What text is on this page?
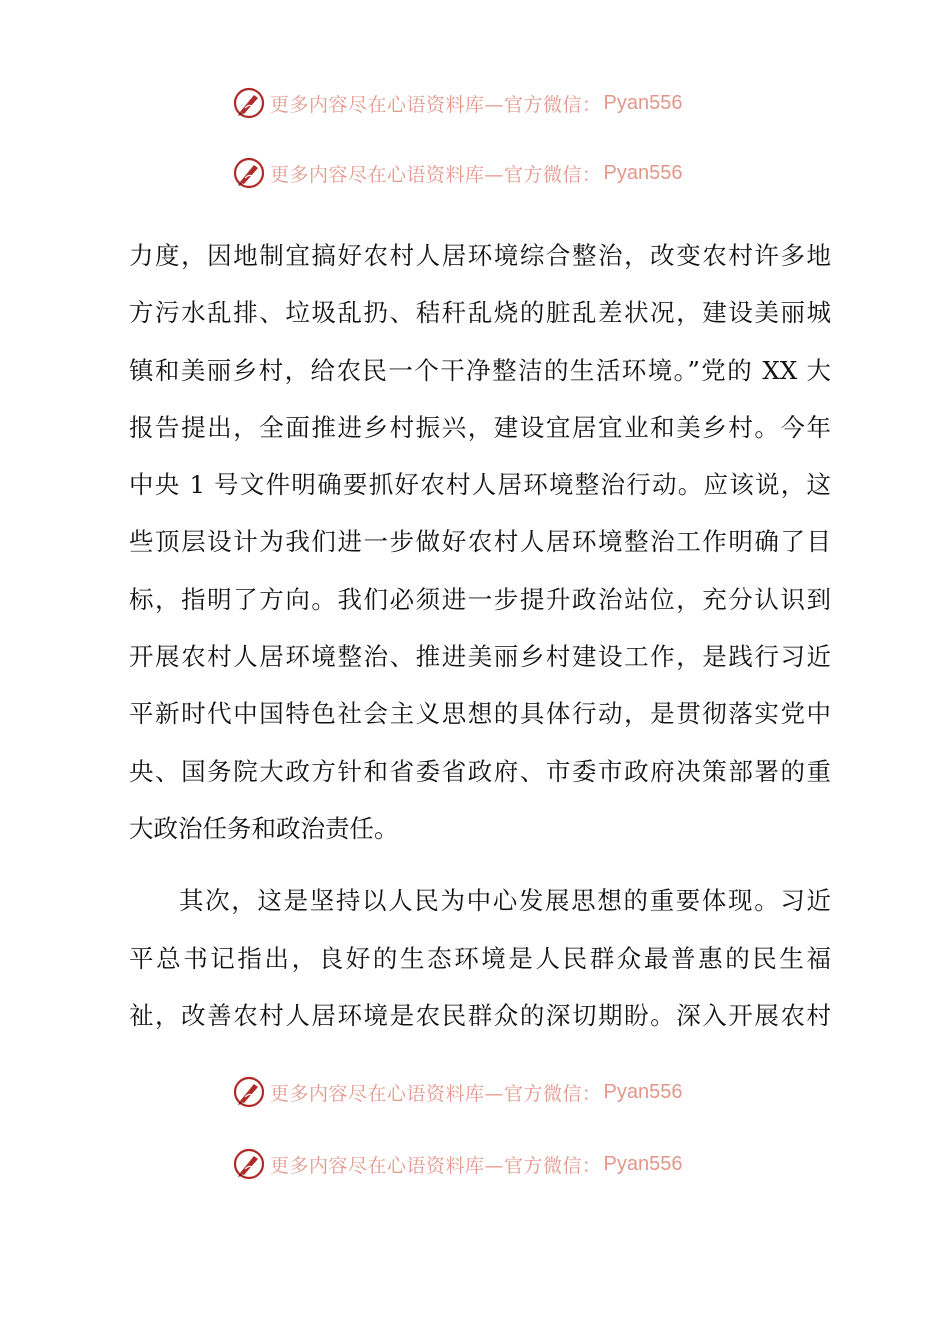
更多内容尽在心语资料库—官方微信： Pyan556
更多内容尽在心语资料库—官方微信： Pyan556
力度，因地制宜搞好农村人居环境综合整治，改变农村许多地
方污水乱排、垃圾乱扔、秸秆乱烧的脏乱差状况，建设美丽城
镇和美丽乡村，给农民一个干净整洁的生活环境。”党的 XX 大
报告提出，全面推进乡村振兴，建设宜居宜业和美乡村。今年
中央 1 号文件明确要抓好农村人居环境整治行动。应该说，这
些顶层设计为我们进一步做好农村人居环境整治工作明确了目
标，指明了方向。我们必须进一步提升政治站位，充分认识到
开展农村人居环境整治、推进美丽乡村建设工作，是践行习近
平新时代中国特色社会主义思想的具体行动，是贯彻落实党中
央、国务院大政方针和省委省政府、市委市政府决策部署的重
大政治任务和政治责任。
其次，这是坚持以人民为中心发展思想的重要体现。习近
平总书记指出，良好的生态环境是人民群众最普惠的民生福
祉，改善农村人居环境是农民群众的深切期盼。深入开展农村
更多内容尽在心语资料库—官方微信： Pyan556
更多内容尽在心语资料库—官方微信： Pyan556
